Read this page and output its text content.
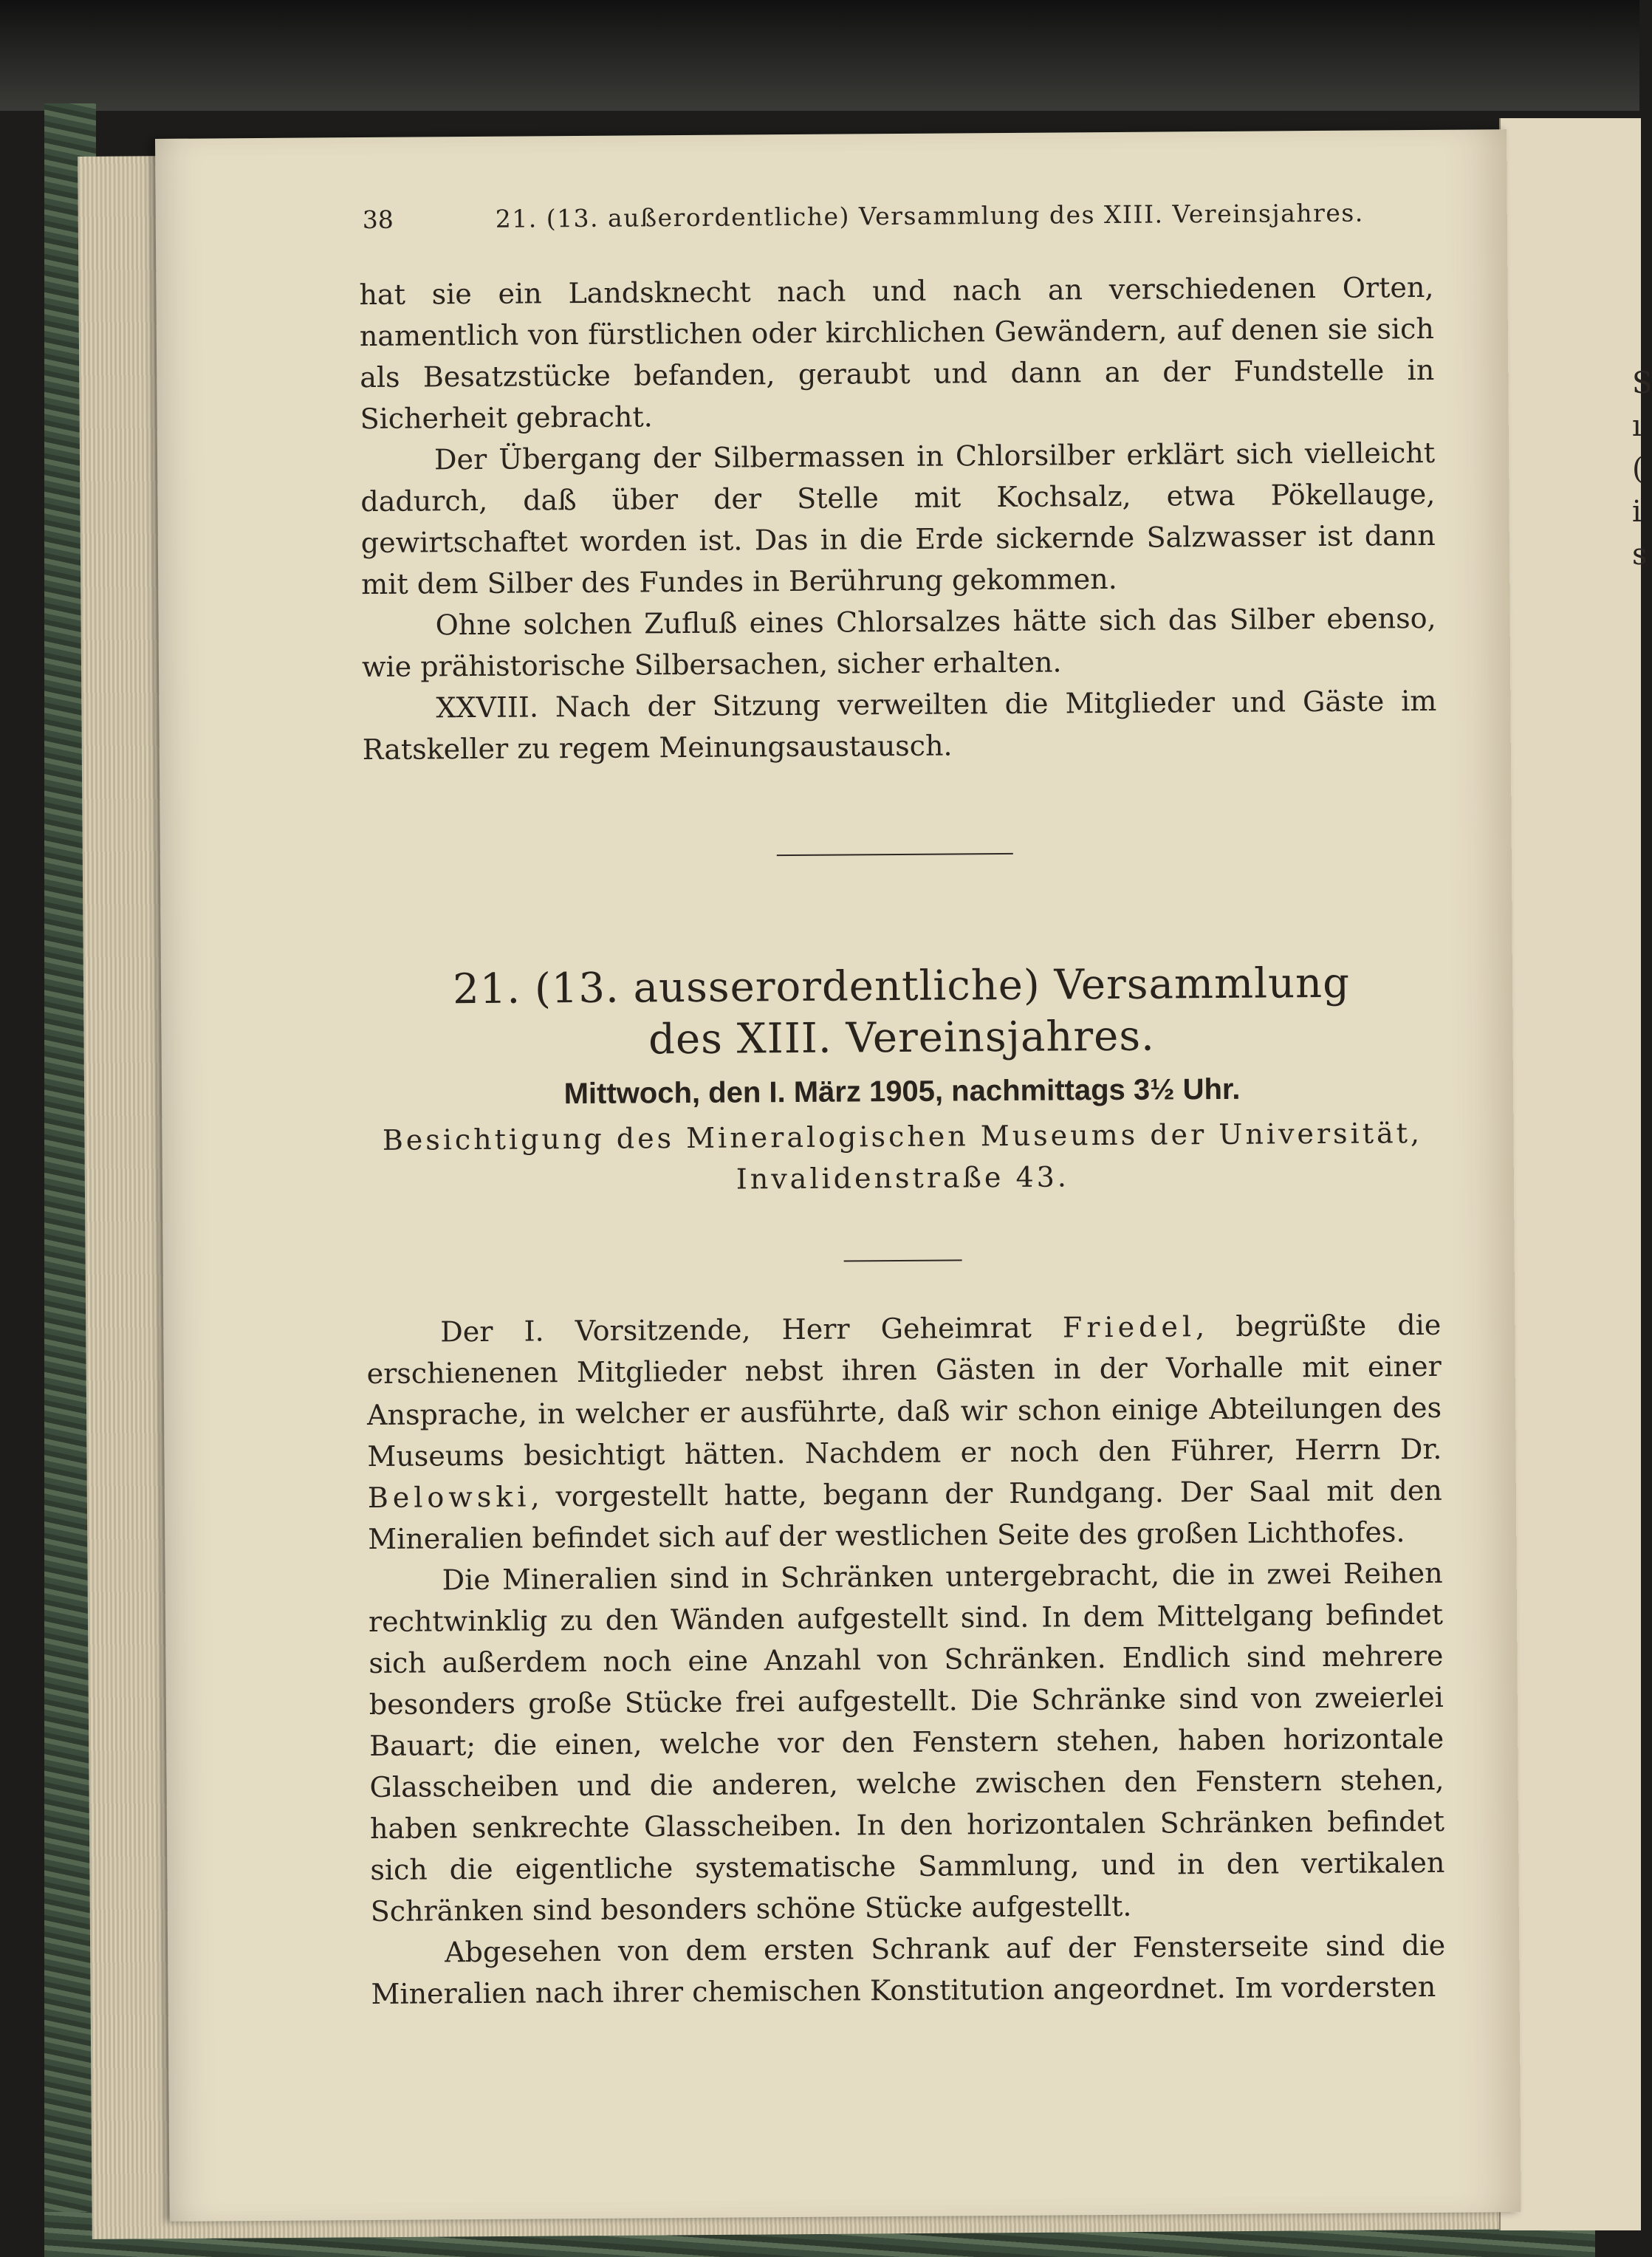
S ı ( i s
38	21. (13. außerordentliche) Versammlung des XIII. Vereinsjahres.

hat sie ein Landsknecht nach und nach an verschiedenen Orten, namentlich von fürstlichen oder kirchlichen Gewändern, auf denen sie sich als Besatzstücke befanden, geraubt und dann an der Fundstelle in Sicherheit gebracht.

Der Übergang der Silbermassen in Chlorsilber erklärt sich vielleicht dadurch, daß über der Stelle mit Kochsalz, etwa Pökellauge, gewirtschaftet worden ist. Das in die Erde sickernde Salzwasser ist dann mit dem Silber des Fundes in Berührung gekommen.

Ohne solchen Zufluß eines Chlorsalzes hätte sich das Silber ebenso, wie prähistorische Silbersachen, sicher erhalten.

XXVIII. Nach der Sitzung verweilten die Mitglieder und Gäste im Ratskeller zu regem Meinungsaustausch.

21. (13. ausserordentliche) Versammlung
des XIII. Vereinsjahres.
Mittwoch, den I. März 1905, nachmittags 3½ Uhr.
Besichtigung des Mineralogischen Museums der Universität,
Invalidenstraße 43.

Der I. Vorsitzende, Herr Geheimrat Friedel, begrüßte die erschienenen Mitglieder nebst ihren Gästen in der Vorhalle mit einer Ansprache, in welcher er ausführte, daß wir schon einige Abteilungen des Museums besichtigt hätten. Nachdem er noch den Führer, Herrn Dr. Belowski, vorgestellt hatte, begann der Rundgang. Der Saal mit den Mineralien befindet sich auf der westlichen Seite des großen Lichthofes.

Die Mineralien sind in Schränken untergebracht, die in zwei Reihen rechtwinklig zu den Wänden aufgestellt sind. In dem Mittelgang befindet sich außerdem noch eine Anzahl von Schränken. Endlich sind mehrere besonders große Stücke frei aufgestellt. Die Schränke sind von zweierlei Bauart; die einen, welche vor den Fenstern stehen, haben horizontale Glasscheiben und die anderen, welche zwischen den Fenstern stehen, haben senkrechte Glasscheiben. In den horizontalen Schränken befindet sich die eigentliche systematische Sammlung, und in den vertikalen Schränken sind besonders schöne Stücke aufgestellt.

Abgesehen von dem ersten Schrank auf der Fensterseite sind die Mineralien nach ihrer chemischen Konstitution angeordnet. Im vordersten
